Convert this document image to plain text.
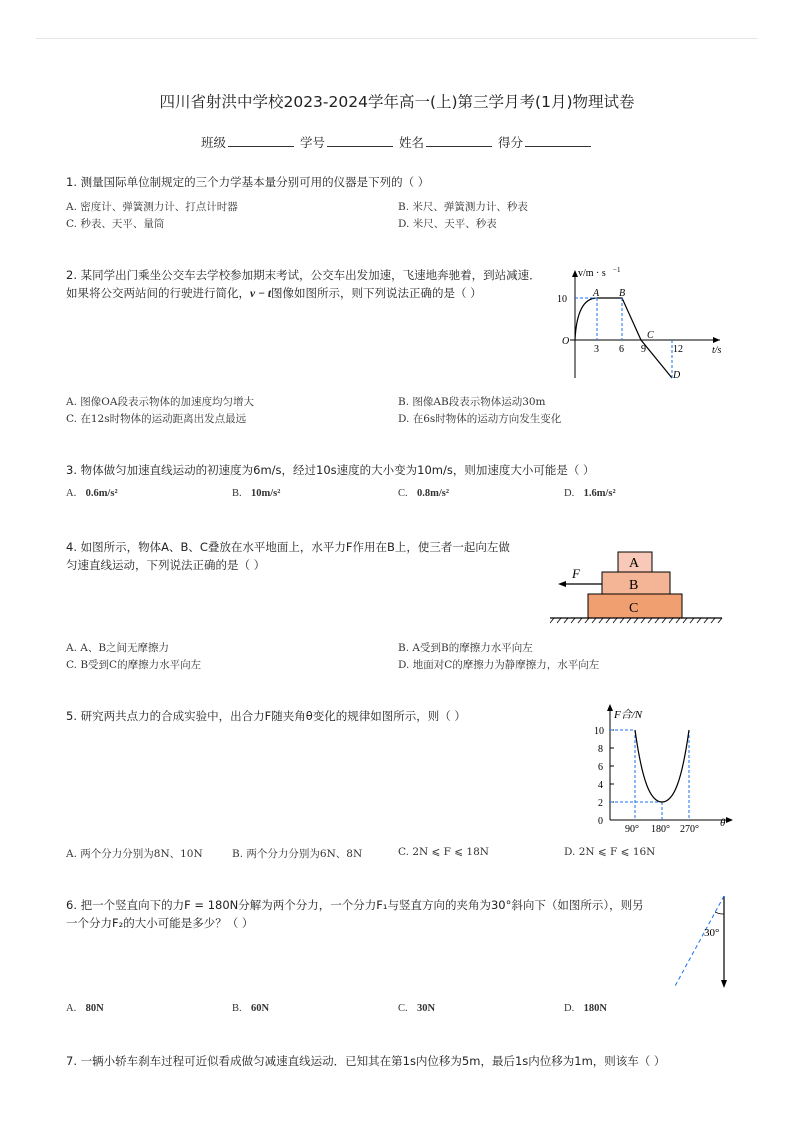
四川省射洪中学校2023-2024学年高一(上)第三学月考(1月)物理试卷
班级	学号	姓名	得分
1. 测量国际单位制规定的三个力学基本量分别可用的仪器是下列的（ ）
A. 密度计、弹簧测力计、打点计时器	B. 米尺、弹簧测力计、秒表
C. 秒表、天平、量筒	D. 米尺、天平、秒表
2. 某同学出门乘坐公交车去学校参加期末考试，公交车出发加速，飞速地奔驰着，到站减速．
如果将公交两站间的行驶进行简化，v − t图像如图所示，则下列说法正确的是（ ）
v/m · s −1
10
O
3 6 9	12	t/s
A B
C
D
A. 图像OA段表示物体的加速度均匀增大	B. 图像AB段表示物体运动30m
C. 在12s时物体的运动距离出发点最远	D. 在6s时物体的运动方向发生变化
3. 物体做匀加速直线运动的初速度为6m/s，经过10s速度的大小变为10m/s，则加速度大小可能是（ ）
A. 0.6m/s²	B. 10m/s²	C. 0.8m/s²	D. 1.6m/s²
4. 如图所示，物体A、B、C叠放在水平地面上，水平力F作用在B上，使三者一起向左做
匀速直线运动，下列说法正确的是（ ）	A
B
C
F
A. A、B之间无摩擦力	B. A受到B的摩擦力水平向左
C. B受到C的摩擦力水平向左	D. 地面对C的摩擦力为静摩擦力，水平向左
5. 研究两共点力的合成实验中，出合力F随夹角θ变化的规律如图所示，则（ ）	F合/N
10
8
6
4
2
0
90° 180° 270°
θ
A. 两个分力分别为8N、10N	B. 两个分力分别为6N、8N	C. 2N ⩽ F ⩽ 18N	D. 2N ⩽ F ⩽ 16N
6. 把一个竖直向下的力F = 180N分解为两个分力，一个分力F₁与竖直方向的夹角为30°斜向下（如图所示），则另
一个分力F₂的大小可能是多少？（ ）
30°
A. 80N	B. 60N	C. 30N	D. 180N
7. 一辆小轿车刹车过程可近似看成做匀减速直线运动．已知其在第1s内位移为5m，最后1s内位移为1m，则该车（ ）
